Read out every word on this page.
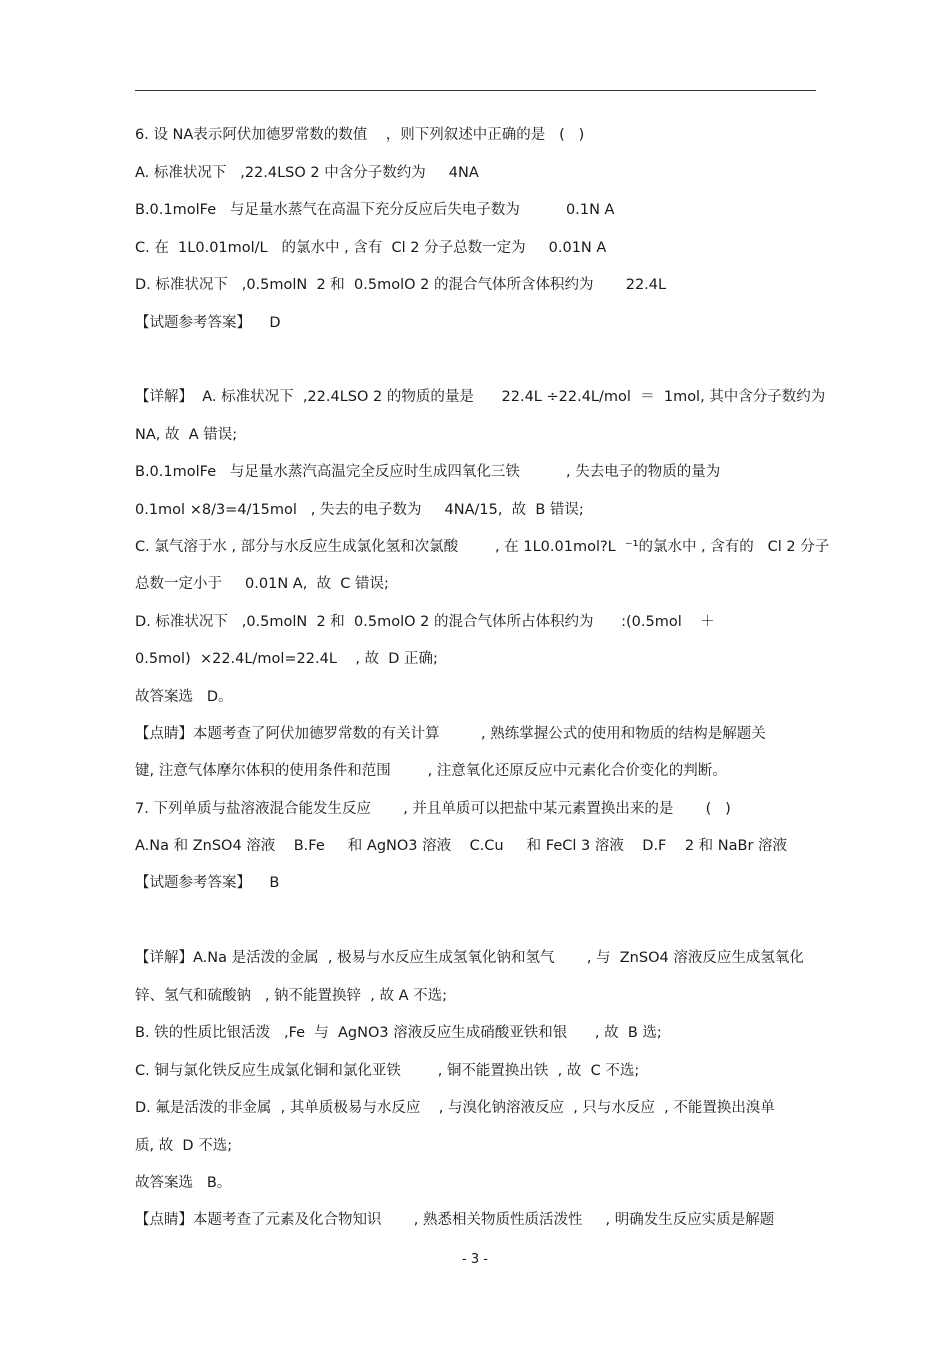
6. 设 NA表示阿伏加德罗常数的数值    ，则下列叙述中正确的是   (   )
A. 标准状况下   ,22.4LSO 2 中含分子数约为     4NA
B.0.1molFe   与足量水蒸气在高温下充分反应后失电子数为          0.1N A
C. 在  1L0.01mol/L   的氯水中 , 含有  Cl 2 分子总数一定为     0.01N A
D. 标准状况下   ,0.5molN  2 和  0.5molO 2 的混合气体所含体积约为       22.4L
【试题参考答案】    D
【详解】  A. 标准状况下  ,22.4LSO 2 的物质的量是      22.4L ÷22.4L/mol  ＝  1mol, 其中含分子数约为
NA, 故  A 错误;
B.0.1molFe   与足量水蒸汽高温完全反应时生成四氧化三铁          , 失去电子的物质的量为
0.1mol ×8/3=4/15mol   , 失去的电子数为     4NA/15,  故  B 错误;
C. 氯气溶于水 , 部分与水反应生成氯化氢和次氯酸        , 在 1L0.01mol?L  ⁻¹的氯水中 , 含有的   Cl 2 分子
总数一定小于     0.01N A,  故  C 错误;
D. 标准状况下   ,0.5molN  2 和  0.5molO 2 的混合气体所占体积约为      :(0.5mol    ＋
0.5mol)  ×22.4L/mol=22.4L    , 故  D 正确;
故答案选   D。
【点睛】本题考查了阿伏加德罗常数的有关计算         , 熟练掌握公式的使用和物质的结构是解题关
键, 注意气体摩尔体积的使用条件和范围        , 注意氧化还原反应中元素化合价变化的判断。
7. 下列单质与盐溶液混合能发生反应       , 并且单质可以把盐中某元素置换出来的是       (   )
A.Na 和 ZnSO4 溶液    B.Fe     和 AgNO3 溶液    C.Cu     和 FeCl 3 溶液    D.F    2 和 NaBr 溶液
【试题参考答案】    B
【详解】A.Na 是活泼的金属  , 极易与水反应生成氢氧化钠和氢气       , 与  ZnSO4 溶液反应生成氢氧化
锌、氢气和硫酸钠   , 钠不能置换锌  , 故 A 不选;
B. 铁的性质比银活泼   ,Fe  与  AgNO3 溶液反应生成硝酸亚铁和银      , 故  B 选;
C. 铜与氯化铁反应生成氯化铜和氯化亚铁        , 铜不能置换出铁  , 故  C 不选;
D. 氟是活泼的非金属  , 其单质极易与水反应    , 与溴化钠溶液反应  , 只与水反应  , 不能置换出溴单
质, 故  D 不选;
故答案选   B。
【点睛】本题考查了元素及化合物知识       , 熟悉相关物质性质活泼性     , 明确发生反应实质是解题
- 3 -
